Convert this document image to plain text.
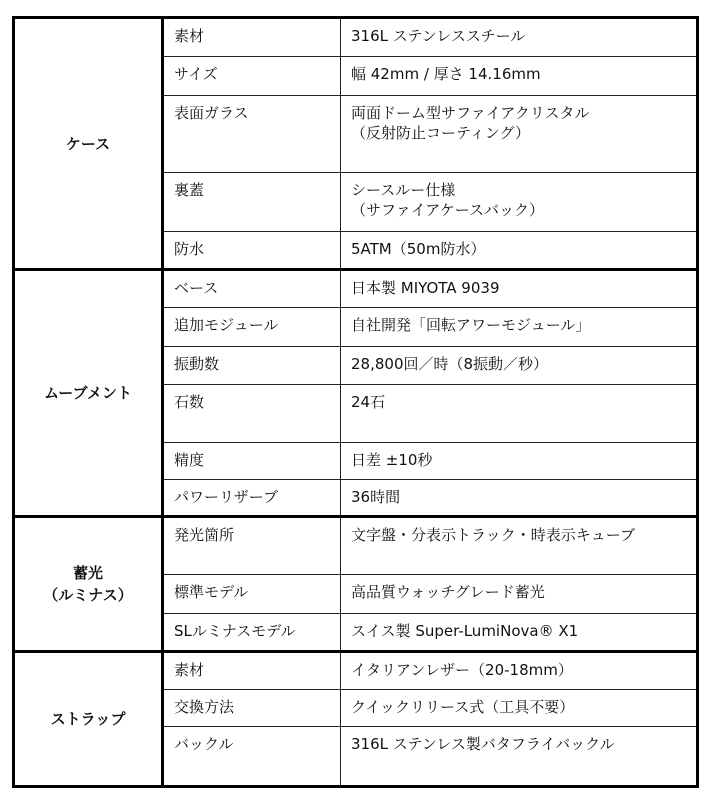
ケース	素材	316L ステンレススチール
	サイズ	幅 42mm / 厚さ 14.16mm
	表面ガラス	両面ドーム型サファイアクリスタル
（反射防止コーティング）
	裏蓋	シースルー仕様
（サファイアケースバック）
	防水	5ATM（50m防水）
ムーブメント	ベース	日本製 MIYOTA 9039
	追加モジュール	自社開発「回転アワーモジュール」
	振動数	28,800回／時（8振動／秒）
	石数	24石
	精度	日差 ±10秒
	パワーリザーブ	36時間
蓄光
（ルミナス）	発光箇所	文字盤・分表示トラック・時表示キューブ
	標準モデル	高品質ウォッチグレード蓄光
	SLルミナスモデル	スイス製 Super-LumiNova® X1
ストラップ	素材	イタリアンレザー（20-18mm）
	交換方法	クイックリリース式（工具不要）
	バックル	316L ステンレス製バタフライバックル
